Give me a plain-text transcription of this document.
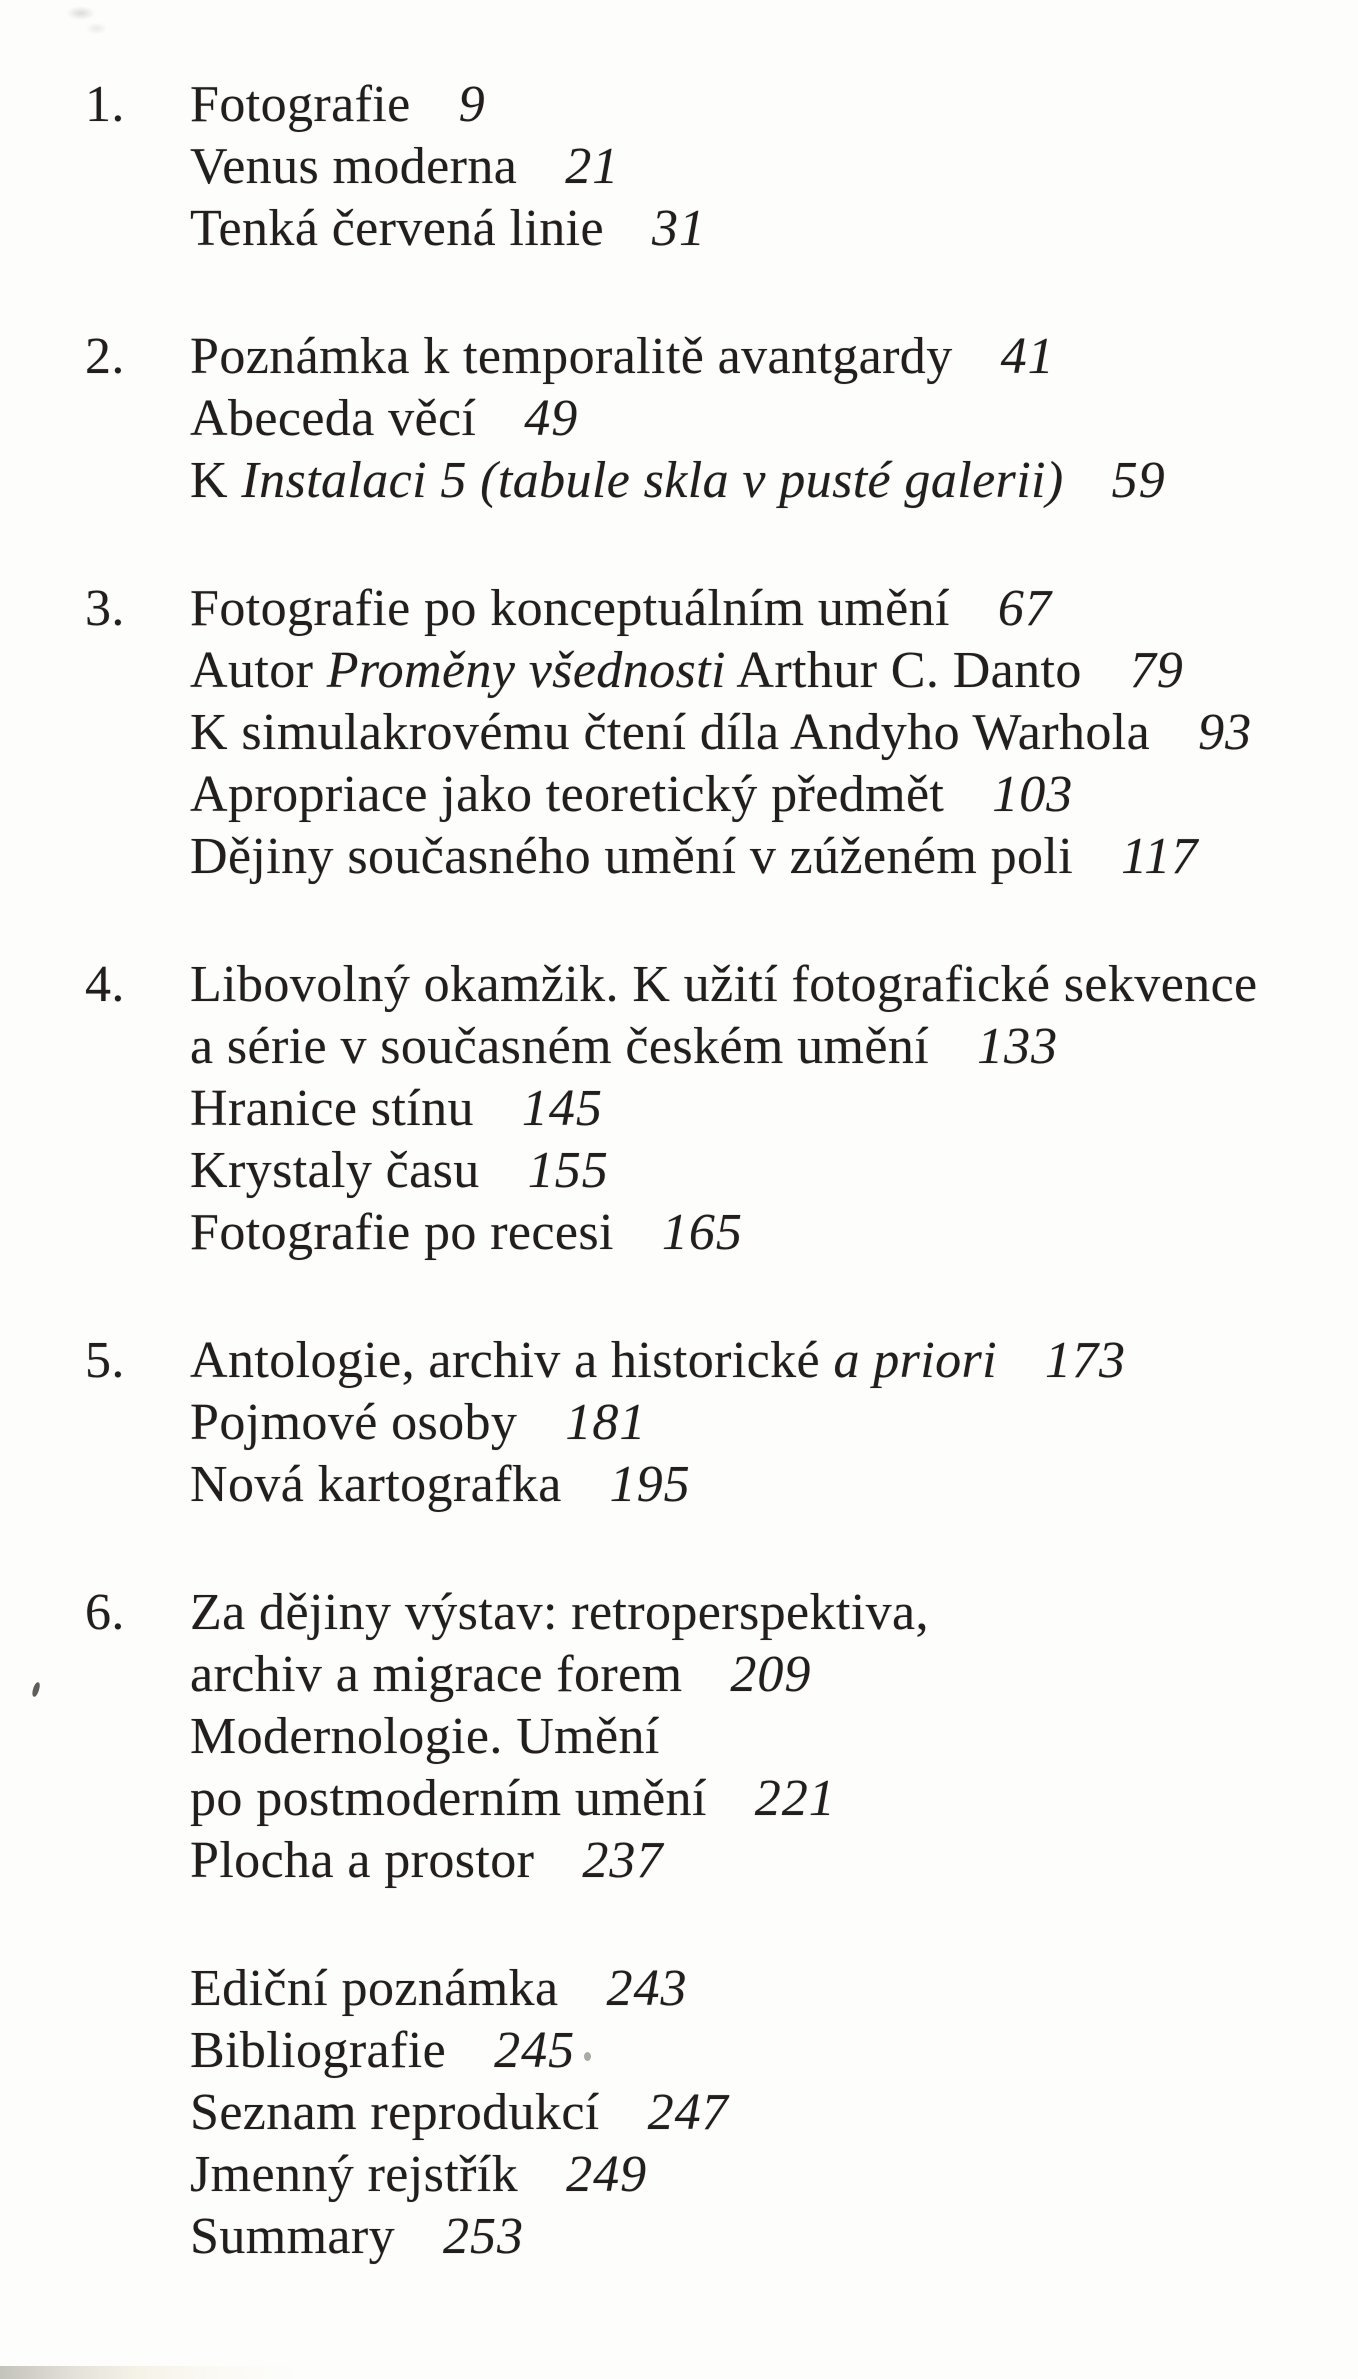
1.	Fotografie 9
Venus moderna 21
Tenká červená linie 31
2.	Poznámka k temporalitě avantgardy 41
Abeceda věcí 49
K Instalaci 5 (tabule skla v pusté galerii) 59
3.	Fotografie po konceptuálním umění 67
Autor Proměny všednosti Arthur C. Danto 79
K simulakrovému čtení díla Andyho Warhola 93
Apropriace jako teoretický předmět 103
Dějiny současného umění v zúženém poli 117
4.	Libovolný okamžik. K užití fotografické sekvence
a série v současném českém umění 133
Hranice stínu 145
Krystaly času 155
Fotografie po recesi 165
5.	Antologie, archiv a historické a priori 173
Pojmové osoby 181
Nová kartografka 195
6.	Za dějiny výstav: retroperspektiva,
archiv a migrace forem 209
Modernologie. Umění
po postmoderním umění 221
Plocha a prostor 237
Ediční poznámka 243
Bibliografie 245
Seznam reprodukcí 247
Jmenný rejstřík 249
Summary 253
